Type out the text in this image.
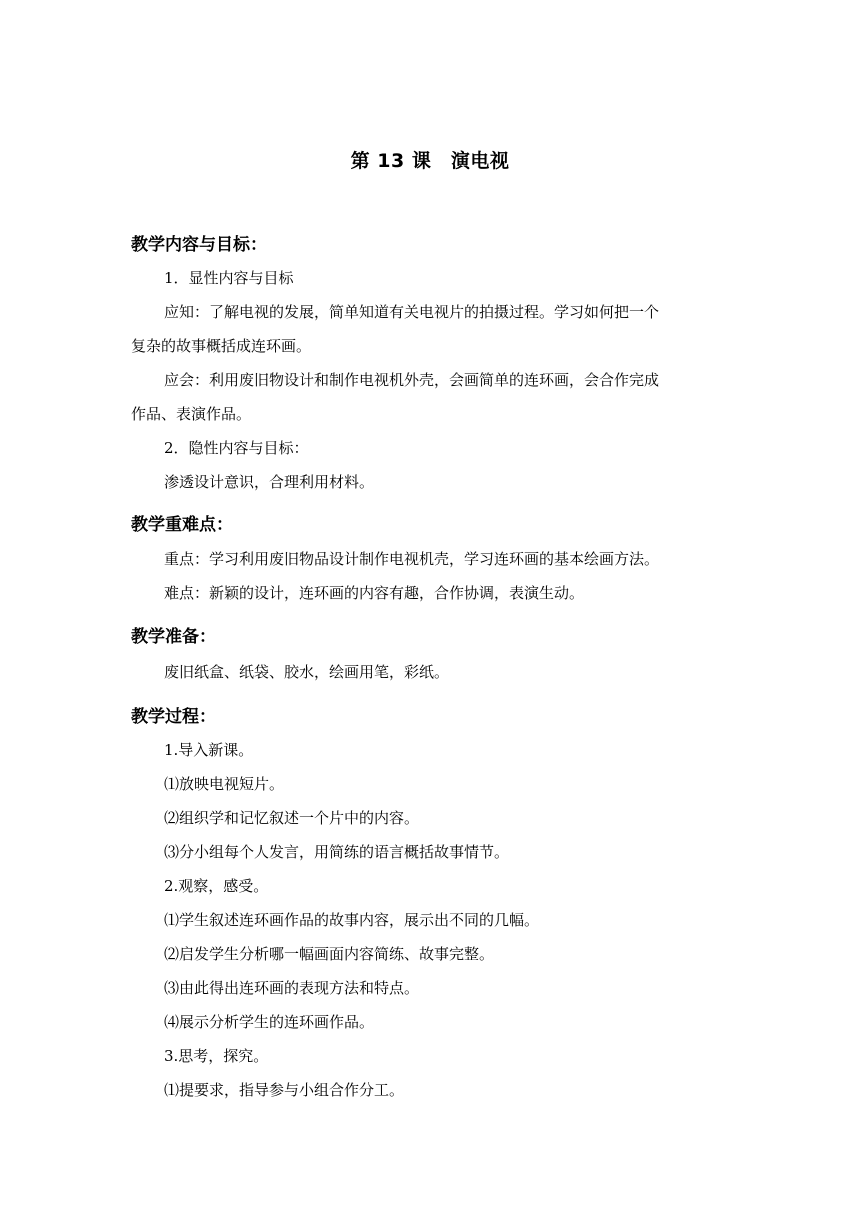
第 13 课　演电视
教学内容与目标：
1．显性内容与目标
应知：了解电视的发展，简单知道有关电视片的拍摄过程。学习如何把一个
复杂的故事概括成连环画。
应会：利用废旧物设计和制作电视机外壳，会画简单的连环画，会合作完成
作品、表演作品。
2．隐性内容与目标：
渗透设计意识，合理利用材料。
教学重难点：
重点：学习利用废旧物品设计制作电视机壳，学习连环画的基本绘画方法。
难点：新颖的设计，连环画的内容有趣，合作协调，表演生动。
教学准备：
废旧纸盒、纸袋、胶水，绘画用笔，彩纸。
教学过程：
1.导入新课。
⑴放映电视短片。
⑵组织学和记忆叙述一个片中的内容。
⑶分小组每个人发言，用简练的语言概括故事情节。
2.观察，感受。
⑴学生叙述连环画作品的故事内容，展示出不同的几幅。
⑵启发学生分析哪一幅画面内容简练、故事完整。
⑶由此得出连环画的表现方法和特点。
⑷展示分析学生的连环画作品。
3.思考，探究。
⑴提要求，指导参与小组合作分工。
